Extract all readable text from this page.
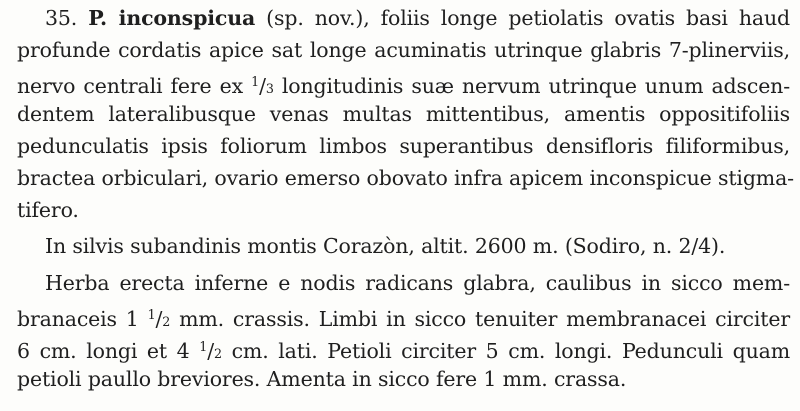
35. P. inconspicua (sp. nov.), foliis longe petiolatis ovatis basi haud
profunde cordatis apice sat longe acuminatis utrinque glabris 7-plinerviis,
nervo centrali fere ex $^1$/3 longitudinis suæ nervum utrinque unum adscen-
dentem lateralibusque venas multas mittentibus, amentis oppositifoliis
pedunculatis ipsis foliorum limbos superantibus densifloris filiformibus,
bractea orbiculari, ovario emerso obovato infra apicem inconspicue stigma-
tifero.
In silvis subandinis montis Corazòn, altit. 2600 m. (Sodiro, n. 2/4).
Herba erecta inferne e nodis radicans glabra, caulibus in sicco mem-
branaceis 1 $^1$/2 mm. crassis. Limbi in sicco tenuiter membranacei circiter
6 cm. longi et 4 $^1$/2 cm. lati. Petioli circiter 5 cm. longi. Pedunculi quam
petioli paullo breviores. Amenta in sicco fere 1 mm. crassa.
